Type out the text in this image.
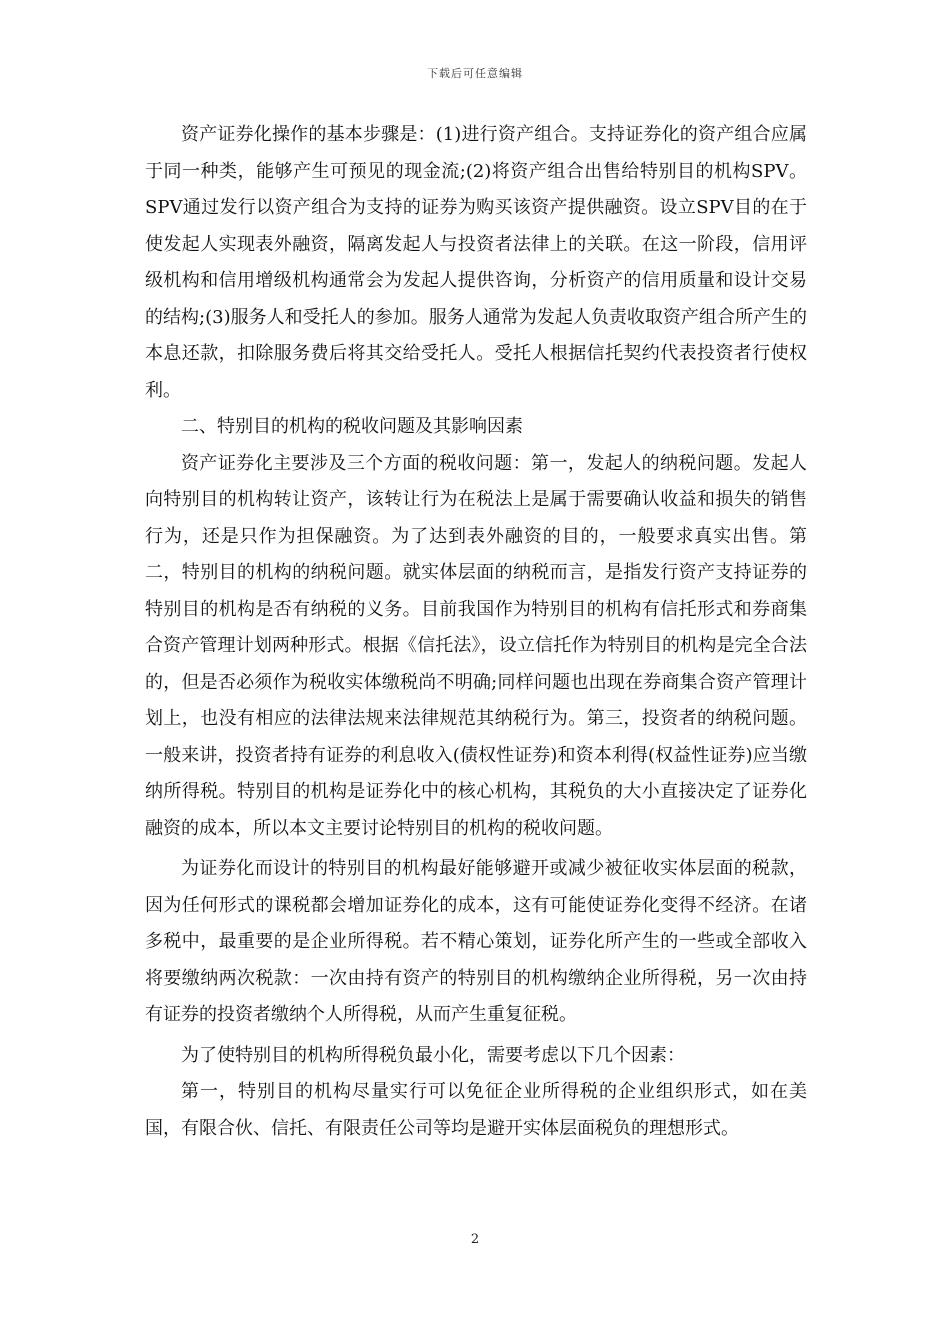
下载后可任意编辑

资产证券化操作的基本步骤是：(1)进行资产组合。支持证券化的资产组合应属于同一种类，能够产生可预见的现金流;(2)将资产组合出售给特别目的机构SPV。SPV通过发行以资产组合为支持的证券为购买该资产提供融资。设立SPV目的在于使发起人实现表外融资，隔离发起人与投资者法律上的关联。在这一阶段，信用评级机构和信用增级机构通常会为发起人提供咨询，分析资产的信用质量和设计交易的结构;(3)服务人和受托人的参加。服务人通常为发起人负责收取资产组合所产生的本息还款，扣除服务费后将其交给受托人。受托人根据信托契约代表投资者行使权利。

二、特别目的机构的税收问题及其影响因素

资产证券化主要涉及三个方面的税收问题：第一，发起人的纳税问题。发起人向特别目的机构转让资产，该转让行为在税法上是属于需要确认收益和损失的销售行为，还是只作为担保融资。为了达到表外融资的目的，一般要求真实出售。第二，特别目的机构的纳税问题。就实体层面的纳税而言，是指发行资产支持证券的特别目的机构是否有纳税的义务。目前我国作为特别目的机构有信托形式和券商集合资产管理计划两种形式。根据《信托法》，设立信托作为特别目的机构是完全合法的，但是否必须作为税收实体缴税尚不明确;同样问题也出现在券商集合资产管理计划上，也没有相应的法律法规来法律规范其纳税行为。第三，投资者的纳税问题。一般来讲，投资者持有证券的利息收入(债权性证券)和资本利得(权益性证券)应当缴纳所得税。特别目的机构是证券化中的核心机构，其税负的大小直接决定了证券化融资的成本，所以本文主要讨论特别目的机构的税收问题。

为证券化而设计的特别目的机构最好能够避开或减少被征收实体层面的税款，因为任何形式的课税都会增加证券化的成本，这有可能使证券化变得不经济。在诸多税中，最重要的是企业所得税。若不精心策划，证券化所产生的一些或全部收入将要缴纳两次税款：一次由持有资产的特别目的机构缴纳企业所得税，另一次由持有证券的投资者缴纳个人所得税，从而产生重复征税。

为了使特别目的机构所得税负最小化，需要考虑以下几个因素：

第一，特别目的机构尽量实行可以免征企业所得税的企业组织形式，如在美国，有限合伙、信托、有限责任公司等均是避开实体层面税负的理想形式。

2
